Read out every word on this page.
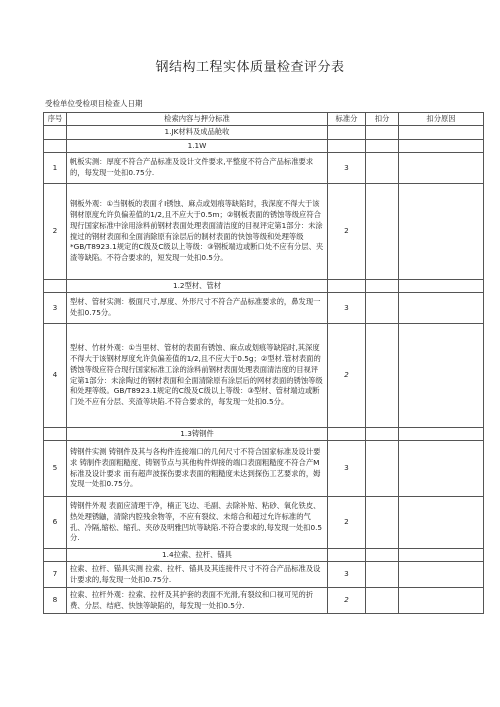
钢结构工程实体质量检查评分表
受检单位受检项目检查人日期
序号	检索内容与押分标准	标准分	扣分	扣分原因
	1.JK材料及成品舱收			
	1.1W			
1	帆板实测：厚度不符合产品标准及设计文件要求,平整度不符合产品标准要求的，每发现一处扣0.75分.	3		
2	钢板外观：①当钢板的表面彳I锈蚀、麻点或划痕等缺陷时，我深度不得大于该钢材原度允许负偏差值的1/2,且不应大于0.5m；②钢板表面的锈蚀等级应符合现行国家标准中涂用涂料前钢材表面处理表面清洁度的目视评定第1部分：未涂搅过的钢材表面和全面消除原有涂层后的制材表面的快蚀等级和处理等级*GB/T8923.1规定的C级及C级以上等级：③钢板端边或断口处不应有分层、夹渣等缺陷。不符合要求的，短发现一处扣0.5分。	2		
	1.2型材、管材			
3	型材、管材实测：极面尺寸,厚度、外形尺寸不符合产品标准要求的，鼻发现一处扣0.75分。	3		
4	型材、竹材外观：①当里材、管材的表面有锈蚀、麻点或划痕等缺陷时,其深度不得大于该钢材厚度允许负偏差值的1/2,且不应大于0.5g；②型材.管材表面的锈蚀等级应符合现行国家标准工涂的涂料前钢材表面处理表面清洁度的目视评定第1部分：未涂陶过的钢材表面和全面清除原有涂层后的网材表面的锈蚀等级和处理等级。GB/T8923.1规定的C级及C级以上等级：③型材、管材端边或断门处不应有分层、夹渣等块陷.不符合要求的，每发现一处扣0.5分。	2		
	1.3铸钢件			
5	铸钢件实测 铸钢件及其与各构件连接端口的几何尺寸不符合国家标准及设计要求 铸制件表面粗糙度、铸钢节点与其他构件焊接的端口表面粗糙度不符合产M标准及设计要求 而有超声波探伤要求表面的粗糙度未达到探伤工艺要求的，姆发现一处扣0.75分。	3		
6	铸钢件外观 表面应清理干净，楠正飞边、毛副、去除补贴、粘砂、氧化铁皮、热处理锈鼬，清除内腔残余物等，不应有裂纹、未熔合和超过允许标准的气孔、冷隔,缩松、缩孔、夹砂及明雅凹坑等缺陷.不符合要求的,每发现一处扣0.5分.	2		
	1.4拉索、拉杆、锚具			
7	拉索、拉杆、锚具实测 拉索、拉杆、锚具及其连接件尺寸不符合产品标准及设计要求的,每发现一处扣0.75分.	3		
8	拉索、拉杆外观：拉索、拉杆及其护套的表面不光滑,有裂纹和口视可见的折费、分层、结疤、快蚀等缺陷的，每发现一处扣0.5分.	2		
